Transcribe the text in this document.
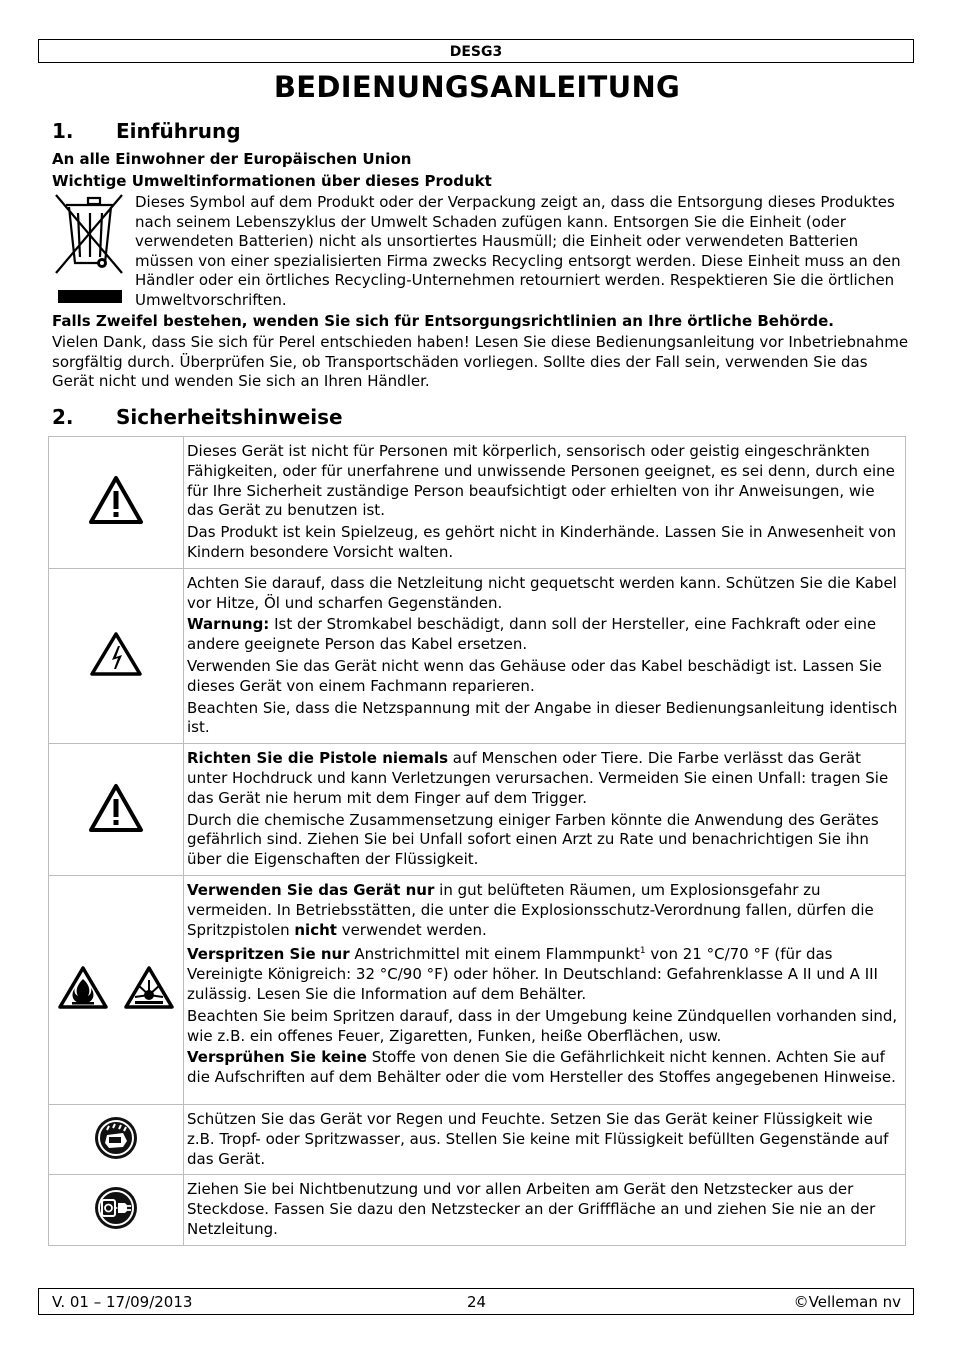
DESG3
BEDIENUNGSANLEITUNG
1. Einführung
An alle Einwohner der Europäischen Union
Wichtige Umweltinformationen über dieses Produkt
Dieses Symbol auf dem Produkt oder der Verpackung zeigt an, dass die Entsorgung dieses Produktes nach seinem Lebenszyklus der Umwelt Schaden zufügen kann. Entsorgen Sie die Einheit (oder verwendeten Batterien) nicht als unsortiertes Hausmüll; die Einheit oder verwendeten Batterien müssen von einer spezialisierten Firma zwecks Recycling entsorgt werden. Diese Einheit muss an den Händler oder ein örtliches Recycling-Unternehmen retourniert werden. Respektieren Sie die örtlichen Umweltvorschriften.
Falls Zweifel bestehen, wenden Sie sich für Entsorgungsrichtlinien an Ihre örtliche Behörde.
Vielen Dank, dass Sie sich für Perel entschieden haben! Lesen Sie diese Bedienungsanleitung vor Inbetriebnahme sorgfältig durch. Überprüfen Sie, ob Transportschäden vorliegen. Sollte dies der Fall sein, verwenden Sie das Gerät nicht und wenden Sie sich an Ihren Händler.
2. Sicherheitshinweise

Dieses Gerät ist nicht für Personen mit körperlich, sensorisch oder geistig eingeschränkten Fähigkeiten, oder für unerfahrene und unwissende Personen geeignet, es sei denn, durch eine für Ihre Sicherheit zuständige Person beaufsichtigt oder erhielten von ihr Anweisungen, wie das Gerät zu benutzen ist.

Das Produkt ist kein Spielzeug, es gehört nicht in Kinderhände. Lassen Sie in Anwesenheit von Kindern besondere Vorsicht walten.

Achten Sie darauf, dass die Netzleitung nicht gequetscht werden kann. Schützen Sie die Kabel vor Hitze, Öl und scharfen Gegenständen.

Warnung: Ist der Stromkabel beschädigt, dann soll der Hersteller, eine Fachkraft oder eine andere geeignete Person das Kabel ersetzen.

Verwenden Sie das Gerät nicht wenn das Gehäuse oder das Kabel beschädigt ist. Lassen Sie dieses Gerät von einem Fachmann reparieren.

Beachten Sie, dass die Netzspannung mit der Angabe in dieser Bedienungsanleitung identisch ist.

Richten Sie die Pistole niemals auf Menschen oder Tiere. Die Farbe verlässt das Gerät unter Hochdruck und kann Verletzungen verursachen. Vermeiden Sie einen Unfall: tragen Sie das Gerät nie herum mit dem Finger auf dem Trigger.

Durch die chemische Zusammensetzung einiger Farben könnte die Anwendung des Gerätes gefährlich sind. Ziehen Sie bei Unfall sofort einen Arzt zu Rate und benachrichtigen Sie ihn über die Eigenschaften der Flüssigkeit.

Verwenden Sie das Gerät nur in gut belüfteten Räumen, um Explosionsgefahr zu vermeiden. In Betriebsstätten, die unter die Explosionsschutz-Verordnung fallen, dürfen die Spritzpistolen nicht verwendet werden.

Verspritzen Sie nur Anstrichmittel mit einem Flammpunkt$^1$ von 21 °C/70 °F (für das Vereinigte Königreich: 32 °C/90 °F) oder höher. In Deutschland: Gefahrenklasse A II und A III zulässig. Lesen Sie die Information auf dem Behälter.

Beachten Sie beim Spritzen darauf, dass in der Umgebung keine Zündquellen vorhanden sind, wie z.B. ein offenes Feuer, Zigaretten, Funken, heiße Oberflächen, usw.

Versprühen Sie keine Stoffe von denen Sie die Gefährlichkeit nicht kennen. Achten Sie auf die Aufschriften auf dem Behälter oder die vom Hersteller des Stoffes angegebenen Hinweise.

Schützen Sie das Gerät vor Regen und Feuchte. Setzen Sie das Gerät keiner Flüssigkeit wie z.B. Tropf- oder Spritzwasser, aus. Stellen Sie keine mit Flüssigkeit befüllten Gegenstände auf das Gerät.

Ziehen Sie bei Nichtbenutzung und vor allen Arbeiten am Gerät den Netzstecker aus der Steckdose. Fassen Sie dazu den Netzstecker an der Grifffläche an und ziehen Sie nie an der Netzleitung.

V. 01 – 17/09/2013	24	©Velleman nv
